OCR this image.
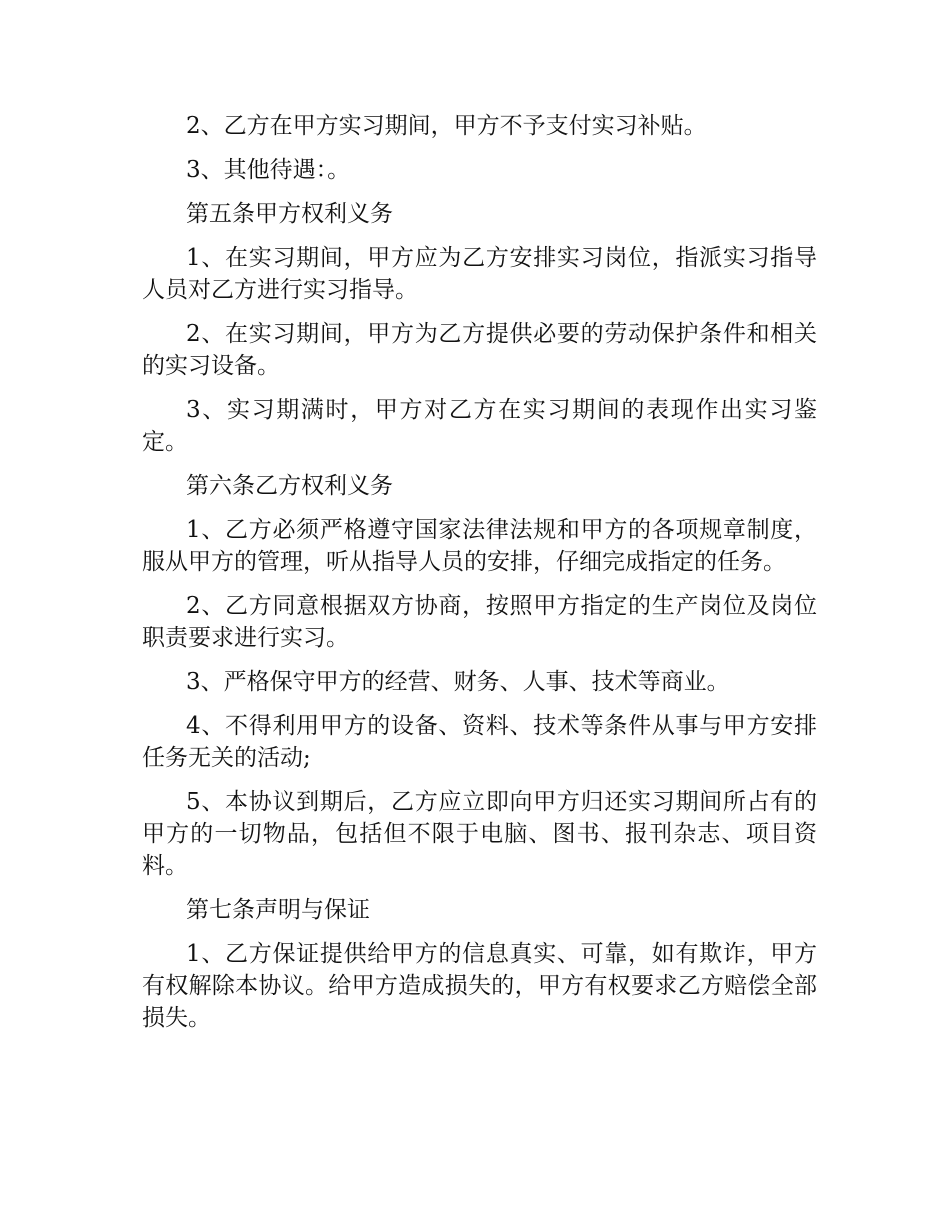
2、乙方在甲方实习期间，甲方不予支付实习补贴。

3、其他待遇：。

第五条甲方权利义务

1、在实习期间，甲方应为乙方安排实习岗位，指派实习指导人员对乙方进行实习指导。

2、在实习期间，甲方为乙方提供必要的劳动保护条件和相关的实习设备。

3、实习期满时，甲方对乙方在实习期间的表现作出实习鉴定。

第六条乙方权利义务

1、乙方必须严格遵守国家法律法规和甲方的各项规章制度，服从甲方的管理，听从指导人员的安排，仔细完成指定的任务。

2、乙方同意根据双方协商，按照甲方指定的生产岗位及岗位职责要求进行实习。

3、严格保守甲方的经营、财务、人事、技术等商业。

4、不得利用甲方的设备、资料、技术等条件从事与甲方安排任务无关的活动;

5、本协议到期后，乙方应立即向甲方归还实习期间所占有的甲方的一切物品，包括但不限于电脑、图书、报刊杂志、项目资料。

第七条声明与保证

1、乙方保证提供给甲方的信息真实、可靠，如有欺诈，甲方有权解除本协议。给甲方造成损失的，甲方有权要求乙方赔偿全部损失。
